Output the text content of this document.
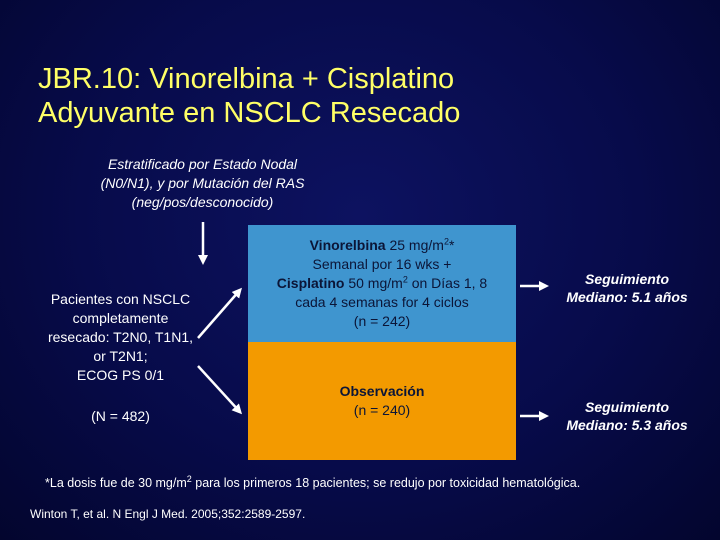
JBR.10: Vinorelbina + Cisplatino
Adyuvante en NSCLC Resecado
Estratificado por Estado Nodal
(N0/N1), y por Mutación del RAS
(neg/pos/desconocido)
Pacientes con NSCLC
completamente
resecado: T2N0, T1N1,
or T2N1;
ECOG PS 0/1
(N = 482)
Vinorelbina 25 $mg/m^2*$
Semanal por 16 wks +
Cisplatino 50 $mg/m^2$ on Días 1, 8
cada 4 semanas for 4 ciclos
(n = 242)
Observación
(n = 240)
Seguimiento
Mediano: 5.1 años
Seguimiento
Mediano: 5.3 años
*La dosis fue de 30 $mg/m^2$ para los primeros 18 pacientes; se redujo por toxicidad hematológica.
Winton T, et al. N Engl J Med. 2005;352:2589-2597.
